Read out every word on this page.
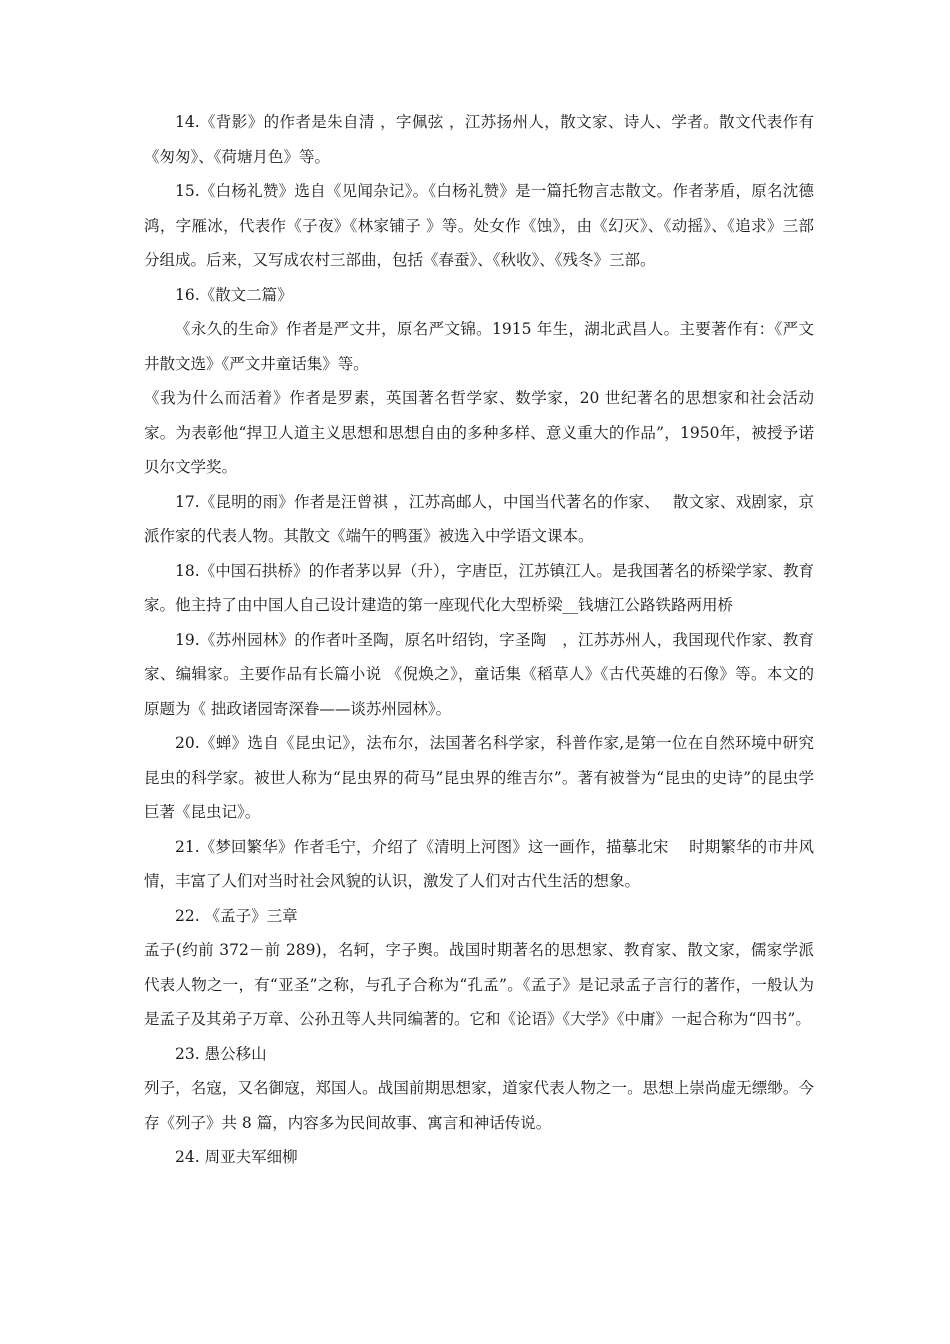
14.《背影》的作者是朱自清 ，字佩弦 ，江苏扬州人，散文家、诗人、学者。散文代表作有《匆匆》、《荷塘月色》等。

15.《白杨礼赞》选自《见闻杂记》。《白杨礼赞》是一篇托物言志散文。作者茅盾，原名沈德鸿，字雁冰，代表作《子夜》《林家铺子 》等。处女作《蚀》，由《幻灭》、《动摇》、《追求》三部分组成。后来，又写成农村三部曲，包括《春蚕》、《秋收》、《残冬》三部。

16.《散文二篇》

《永久的生命》作者是严文井，原名严文锦。1915 年生，湖北武昌人。主要著作有：《严文井散文选》《严文井童话集》等。

《我为什么而活着》作者是罗素，英国著名哲学家、数学家，20 世纪著名的思想家和社会活动家。为表彰他“捍卫人道主义思想和思想自由的多种多样、意义重大的作品”，1950年，被授予诺贝尔文学奖。

17.《昆明的雨》作者是汪曾祺 ，江苏高邮人，中国当代著名的作家、　 散文家、戏剧家，京派作家的代表人物。其散文《端午的鸭蛋》被选入中学语文课本。

18.《中国石拱桥》的作者茅以昇（升），字唐臣，江苏镇江人。是我国著名的桥梁学家、教育家。他主持了由中国人自己设计建造的第一座现代化大型桥梁__钱塘江公路铁路两用桥

19.《苏州园林》的作者叶圣陶，原名叶绍钧，字圣陶　，江苏苏州人，我国现代作家、教育家、编辑家。主要作品有长篇小说 《倪焕之》，童话集《稻草人》《古代英雄的石像》等。本文的原题为《 拙政诸园寄深眷——谈苏州园林》。

20.《蝉》选自《昆虫记》，法布尔，法国著名科学家，科普作家,是第一位在自然环境中研究昆虫的科学家。被世人称为“昆虫界的荷马”昆虫界的维吉尔”。著有被誉为“昆虫的史诗”的昆虫学巨著《昆虫记》。

21.《梦回繁华》作者毛宁，介绍了《清明上河图》这一画作，描摹北宋　 时期繁华的市井风情，丰富了人们对当时社会风貌的认识，激发了人们对古代生活的想象。

22. 《孟子》三章

孟子(约前 372－前 289)，名轲，字子舆。战国时期著名的思想家、教育家、散文家，儒家学派代表人物之一，有“亚圣”之称，与孔子合称为“孔孟”。《孟子》是记录孟子言行的著作，一般认为是孟子及其弟子万章、公孙丑等人共同编著的。它和《论语》《大学》《中庸》一起合称为“四书”。

23. 愚公移山

列子，名寇，又名御寇，郑国人。战国前期思想家，道家代表人物之一。思想上崇尚虚无缥缈。今存《列子》共 8 篇，内容多为民间故事、寓言和神话传说。

24. 周亚夫军细柳
